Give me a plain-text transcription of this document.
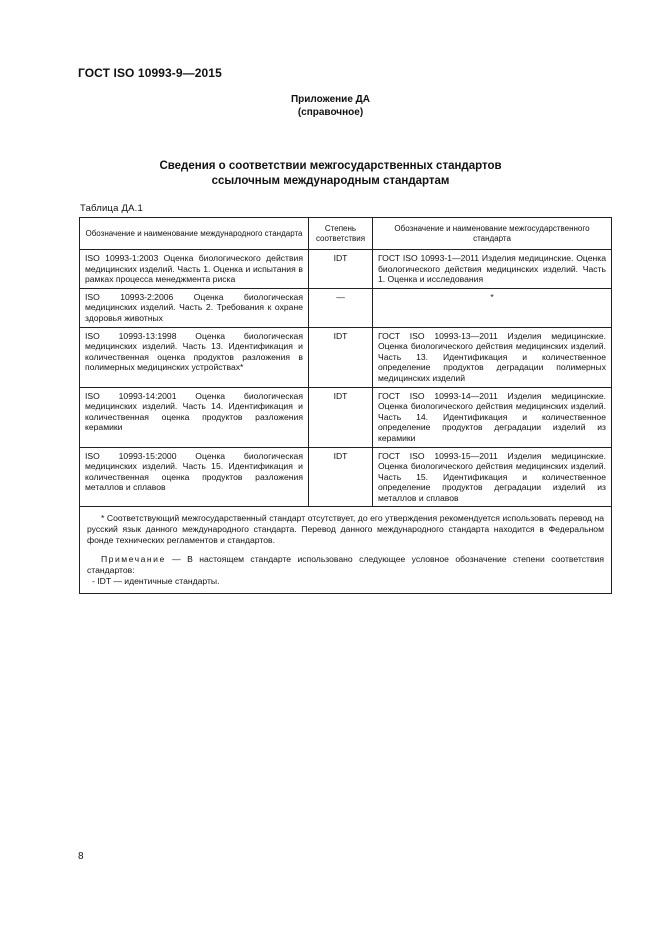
ГОСТ ISO 10993-9—2015
Приложение ДА
(справочное)
Сведения о соответствии межгосударственных стандартов
ссылочным международным стандартам
Таблица ДА.1
Обозначение и наименование международного стандарта	Степень соответствия	Обозначение и наименование межгосударственного стандарта
ISO 10993-1:2003 Оценка биологического действия медицинских изделий. Часть 1. Оценка и испытания в рамках процесса менеджмента риска	IDT	ГОСТ ISO 10993-1—2011 Изделия медицинские. Оценка биологического действия медицинских изделий. Часть 1. Оценка и исследования
ISO 10993-2:2006 Оценка биологическая медицинских изделий. Часть 2. Требования к охране здоровья животных	—	*
ISO 10993-13:1998 Оценка биологическая медицинских изделий. Часть 13. Идентификация и количественная оценка продуктов разложения в полимерных медицинских устройствах*	IDT	ГОСТ ISO 10993-13—2011 Изделия медицинские. Оценка биологического действия медицинских изделий. Часть 13. Идентификация и количественное определение продуктов деградации полимерных медицинских изделий
ISO 10993-14:2001 Оценка биологическая медицинских изделий. Часть 14. Идентификация и количественная оценка продуктов разложения керамики	IDT	ГОСТ ISO 10993-14—2011 Изделия медицинские. Оценка биологического действия медицинских изделий. Часть 14. Идентификация и количественное определение продуктов деградации изделий из керамики
ISO 10993-15:2000 Оценка биологическая медицинских изделий. Часть 15. Идентификация и количественная оценка продуктов разложения металлов и сплавов	IDT	ГОСТ ISO 10993-15—2011 Изделия медицинские. Оценка биологического действия медицинских изделий. Часть 15. Идентификация и количественное определение продуктов деградации изделий из металлов и сплавов

* Соответствующий межгосударственный стандарт отсутствует, до его утверждения рекомендуется использовать перевод на русский язык данного международного стандарта. Перевод данного международного стандарта находится в Федеральном фонде технических регламентов и стандартов.
Примечание — В настоящем стандарте использовано следующее условное обозначение степени соответствия стандартов:
- IDT — идентичные стандарты.		
8
